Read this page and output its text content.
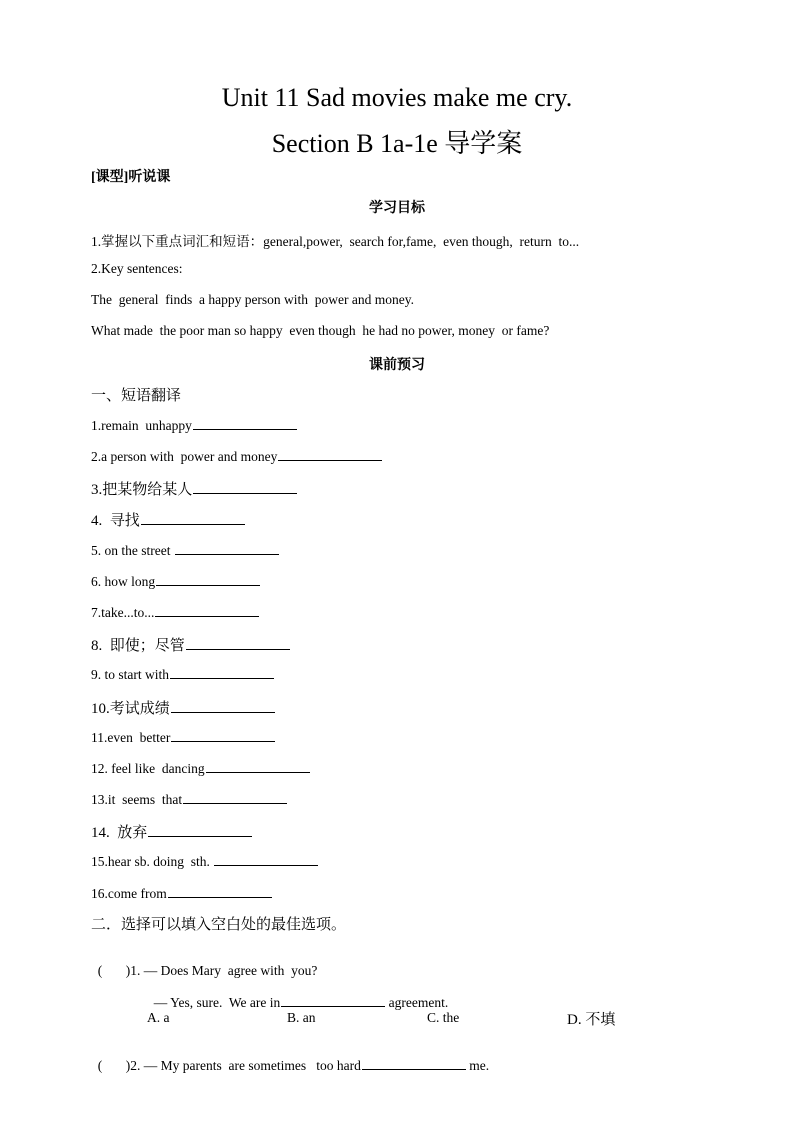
Unit 11 Sad movies make me cry.
Section B 1a-1e 导学案
[课型]听说课
学习目标
1.掌握以下重点词汇和短语：general,power,  search for,fame,  even though,  return  to...
2.Key sentences:
The  general  finds  a happy person with  power and money.
What made  the poor man so happy  even though  he had no power, money  or fame?
课前预习
一、短语翻译
1.remain  unhappy
2.a person with  power and money
3.把某物给某人
4.  寻找
5. on the street
6. how long
7.take...to...
8.  即使；尽管
9. to start with
10.考试成绩
11.even  better
12. feel like  dancing
13.it  seems  that
14.  放弃
15.hear sb. doing  sth.
16.come from
二．选择可以填入空白处的最佳选项。

( )1. — Does Mary  agree with  you?

— Yes, sure.  We are in	agreement.

A. a	B. an	C. the	D. 不填

( )2. — My parents  are sometimes   too hard	me.
